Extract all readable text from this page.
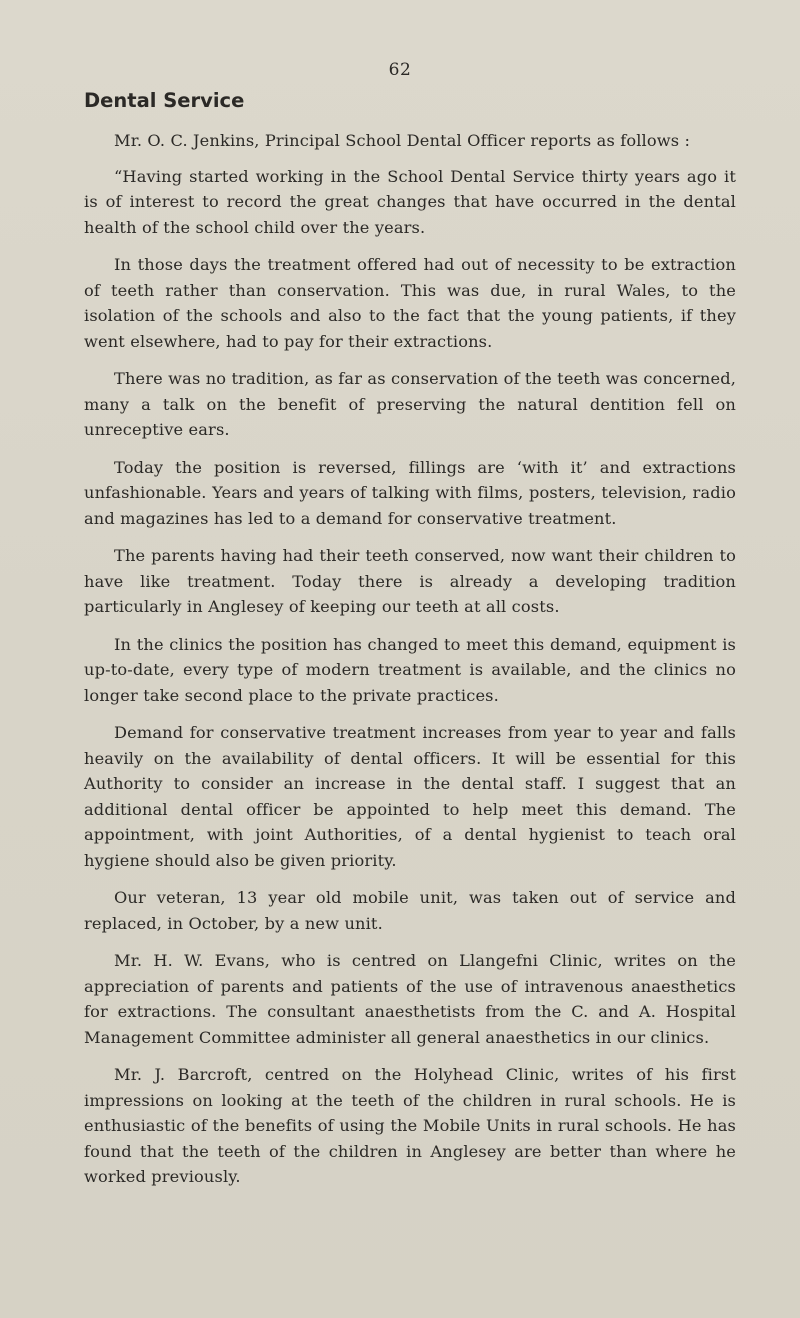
62
Dental Service

Mr. O. C. Jenkins, Principal School Dental Officer reports as follows :

“Having started working in the School Dental Service thirty years ago it is of interest to record the great changes that have occurred in the dental health of the school child over the years.

In those days the treatment offered had out of necessity to be extraction of teeth rather than conservation. This was due, in rural Wales, to the isolation of the schools and also to the fact that the young patients, if they went elsewhere, had to pay for their extractions.

There was no tradition, as far as conservation of the teeth was concerned, many a talk on the benefit of preserving the natural dentition fell on unreceptive ears.

Today the position is reversed, fillings are ‘with it’ and extractions unfashionable. Years and years of talking with films, posters, television, radio and magazines has led to a demand for conservative treatment.

The parents having had their teeth conserved, now want their children to have like treatment. Today there is already a developing tradition particularly in Anglesey of keeping our teeth at all costs.

In the clinics the position has changed to meet this demand, equipment is up-to-date, every type of modern treatment is available, and the clinics no longer take second place to the private practices.

Demand for conservative treatment increases from year to year and falls heavily on the availability of dental officers. It will be essential for this Authority to consider an increase in the dental staff. I suggest that an additional dental officer be appointed to help meet this demand. The appointment, with joint Authorities, of a dental hygienist to teach oral hygiene should also be given priority.

Our veteran, 13 year old mobile unit, was taken out of service and replaced, in October, by a new unit.

Mr. H. W. Evans, who is centred on Llangefni Clinic, writes on the appreciation of parents and patients of the use of intravenous anaesthetics for extractions. The consultant anaesthetists from the C. and A. Hospital Management Committee administer all general anaesthetics in our clinics.

Mr. J. Barcroft, centred on the Holyhead Clinic, writes of his first impressions on looking at the teeth of the children in rural schools. He is enthusiastic of the benefits of using the Mobile Units in rural schools. He has found that the teeth of the children in Anglesey are better than where he worked previously.
